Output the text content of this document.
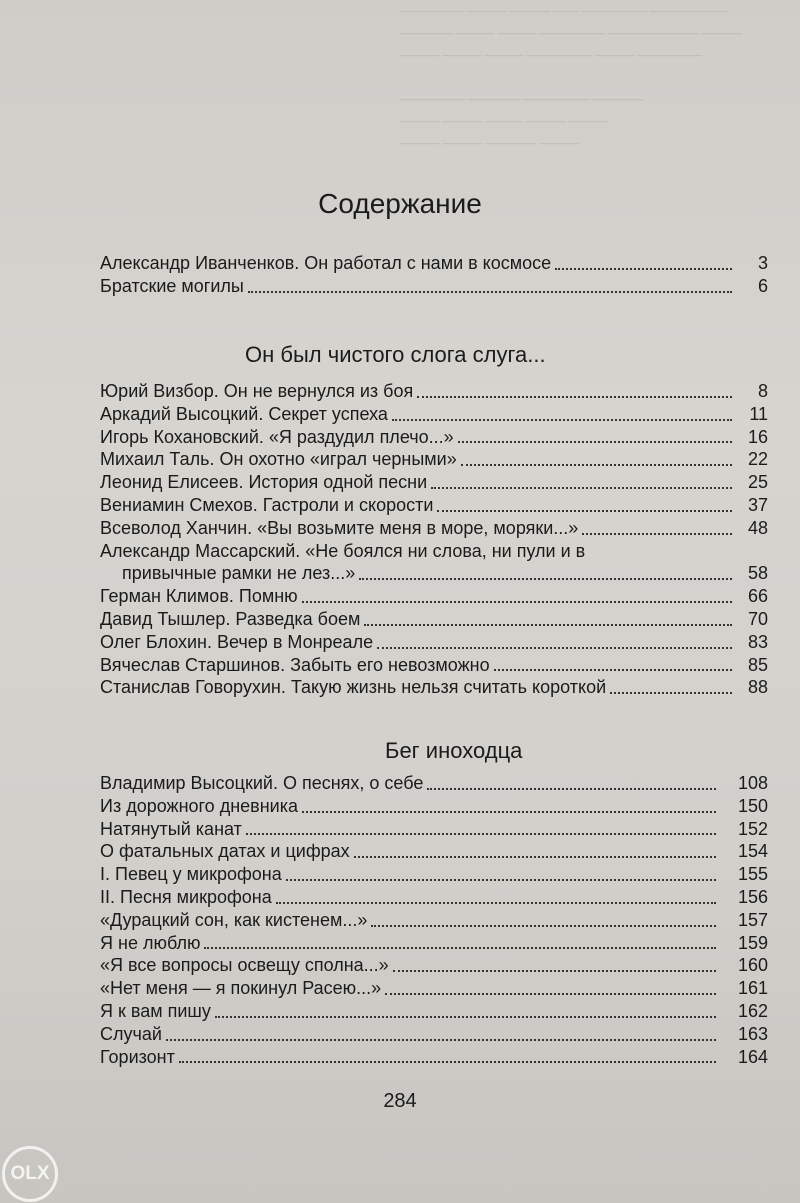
————— ——— ——— —— ————— ——————
———— ——— ——— ————— ——————— ———
——— ——— ——— ————— ——— —————

————— ———— ————— ————
——— ——— ——— ——— ———
——— ——— ———— ———
Содержание
Александр Иванченков. Он работал с нами в космосе	3
Братские могилы	6
Он был чистого слога слуга...
Юрий Визбор. Он не вернулся из боя	8
Аркадий Высоцкий. Секрет успеха	11
Игорь Кохановский. «Я раздудил плечо...»	16
Михаил Таль. Он охотно «играл черными»	22
Леонид Елисеев. История одной песни	25
Вениамин Смехов. Гастроли и скорости	37
Всеволод Ханчин. «Вы возьмите меня в море, моряки...»	48
Александр Массарский. «Не боялся ни слова, ни пули и в
привычные рамки не лез...»	58
Герман Климов. Помню	66
Давид Тышлер. Разведка боем	70
Олег Блохин. Вечер в Монреале	83
Вячеслав Старшинов. Забыть его невозможно	85
Станислав Говорухин. Такую жизнь нельзя считать короткой	88
Бег иноходца
Владимир Высоцкий. О песнях, о себе	108
Из дорожного дневника	150
Натянутый канат	152
О фатальных датах и цифрах	154
I. Певец у микрофона	155
II. Песня микрофона	156
«Дурацкий сон, как кистенем...»	157
Я не люблю	159
«Я все вопросы освещу сполна...»	160
«Нет меня — я покинул Расею...»	161
Я к вам пишу	162
Случай	163
Горизонт	164
284
OLX
